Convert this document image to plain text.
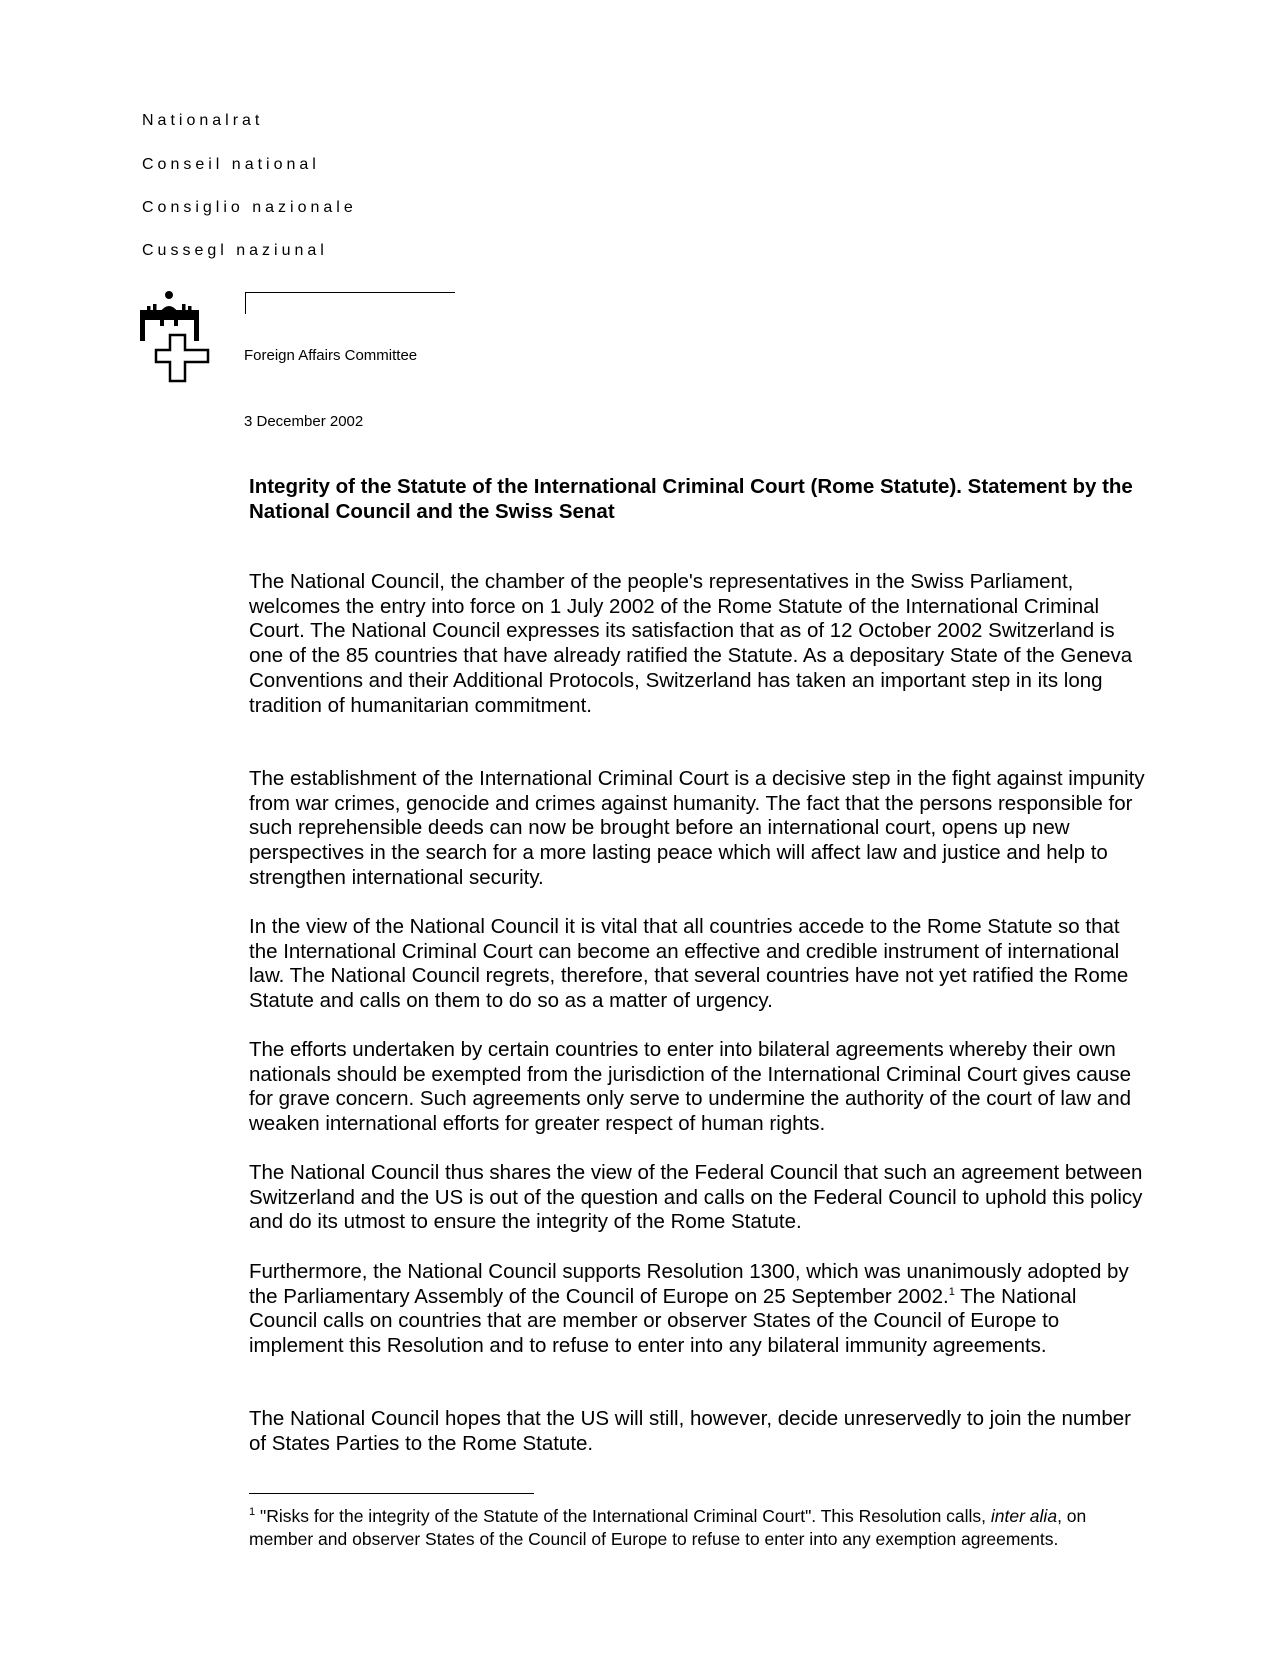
Nationalrat
Conseil national
Consiglio nazionale
Cussegl naziunal
Foreign Affairs Committee
3 December 2002
Integrity of the Statute of the International Criminal Court (Rome Statute). Statement by the National Council and the Swiss Senat

The National Council, the chamber of the people's representatives in the Swiss Parliament, welcomes the entry into force on 1 July 2002 of the Rome Statute of the International Criminal Court. The National Council expresses its satisfaction that as of 12 October 2002 Switzerland is one of the 85 countries that have already ratified the Statute. As a depositary State of the Geneva Conventions and their Additional Protocols, Switzerland has taken an important step in its long tradition of humanitarian commitment.

The establishment of the International Criminal Court is a decisive step in the fight against impunity from war crimes, genocide and crimes against humanity. The fact that the persons responsible for such reprehensible deeds can now be brought before an international court, opens up new perspectives in the search for a more lasting peace which will affect law and justice and help to strengthen international security.

In the view of the National Council it is vital that all countries accede to the Rome Statute so that the International Criminal Court can become an effective and credible instrument of international law. The National Council regrets, therefore, that several countries have not yet ratified the Rome Statute and calls on them to do so as a matter of urgency.

The efforts undertaken by certain countries to enter into bilateral agreements whereby their own nationals should be exempted from the jurisdiction of the International Criminal Court gives cause for grave concern. Such agreements only serve to undermine the authority of the court of law and weaken international efforts for greater respect of human rights.

The National Council thus shares the view of the Federal Council that such an agreement between Switzerland and the US is out of the question and calls on the Federal Council to uphold this policy and do its utmost to ensure the integrity of the Rome Statute.

Furthermore, the National Council supports Resolution 1300, which was unanimously adopted by the Parliamentary Assembly of the Council of Europe on 25 September 2002.$^1$ The National Council calls on countries that are member or observer States of the Council of Europe to implement this Resolution and to refuse to enter into any bilateral immunity agreements.

The National Council hopes that the US will still, however, decide unreservedly to join the number of States Parties to the Rome Statute.

$^1$ "Risks for the integrity of the Statute of the International Criminal Court". This Resolution calls, inter alia, on member and observer States of the Council of Europe to refuse to enter into any exemption agreements.
